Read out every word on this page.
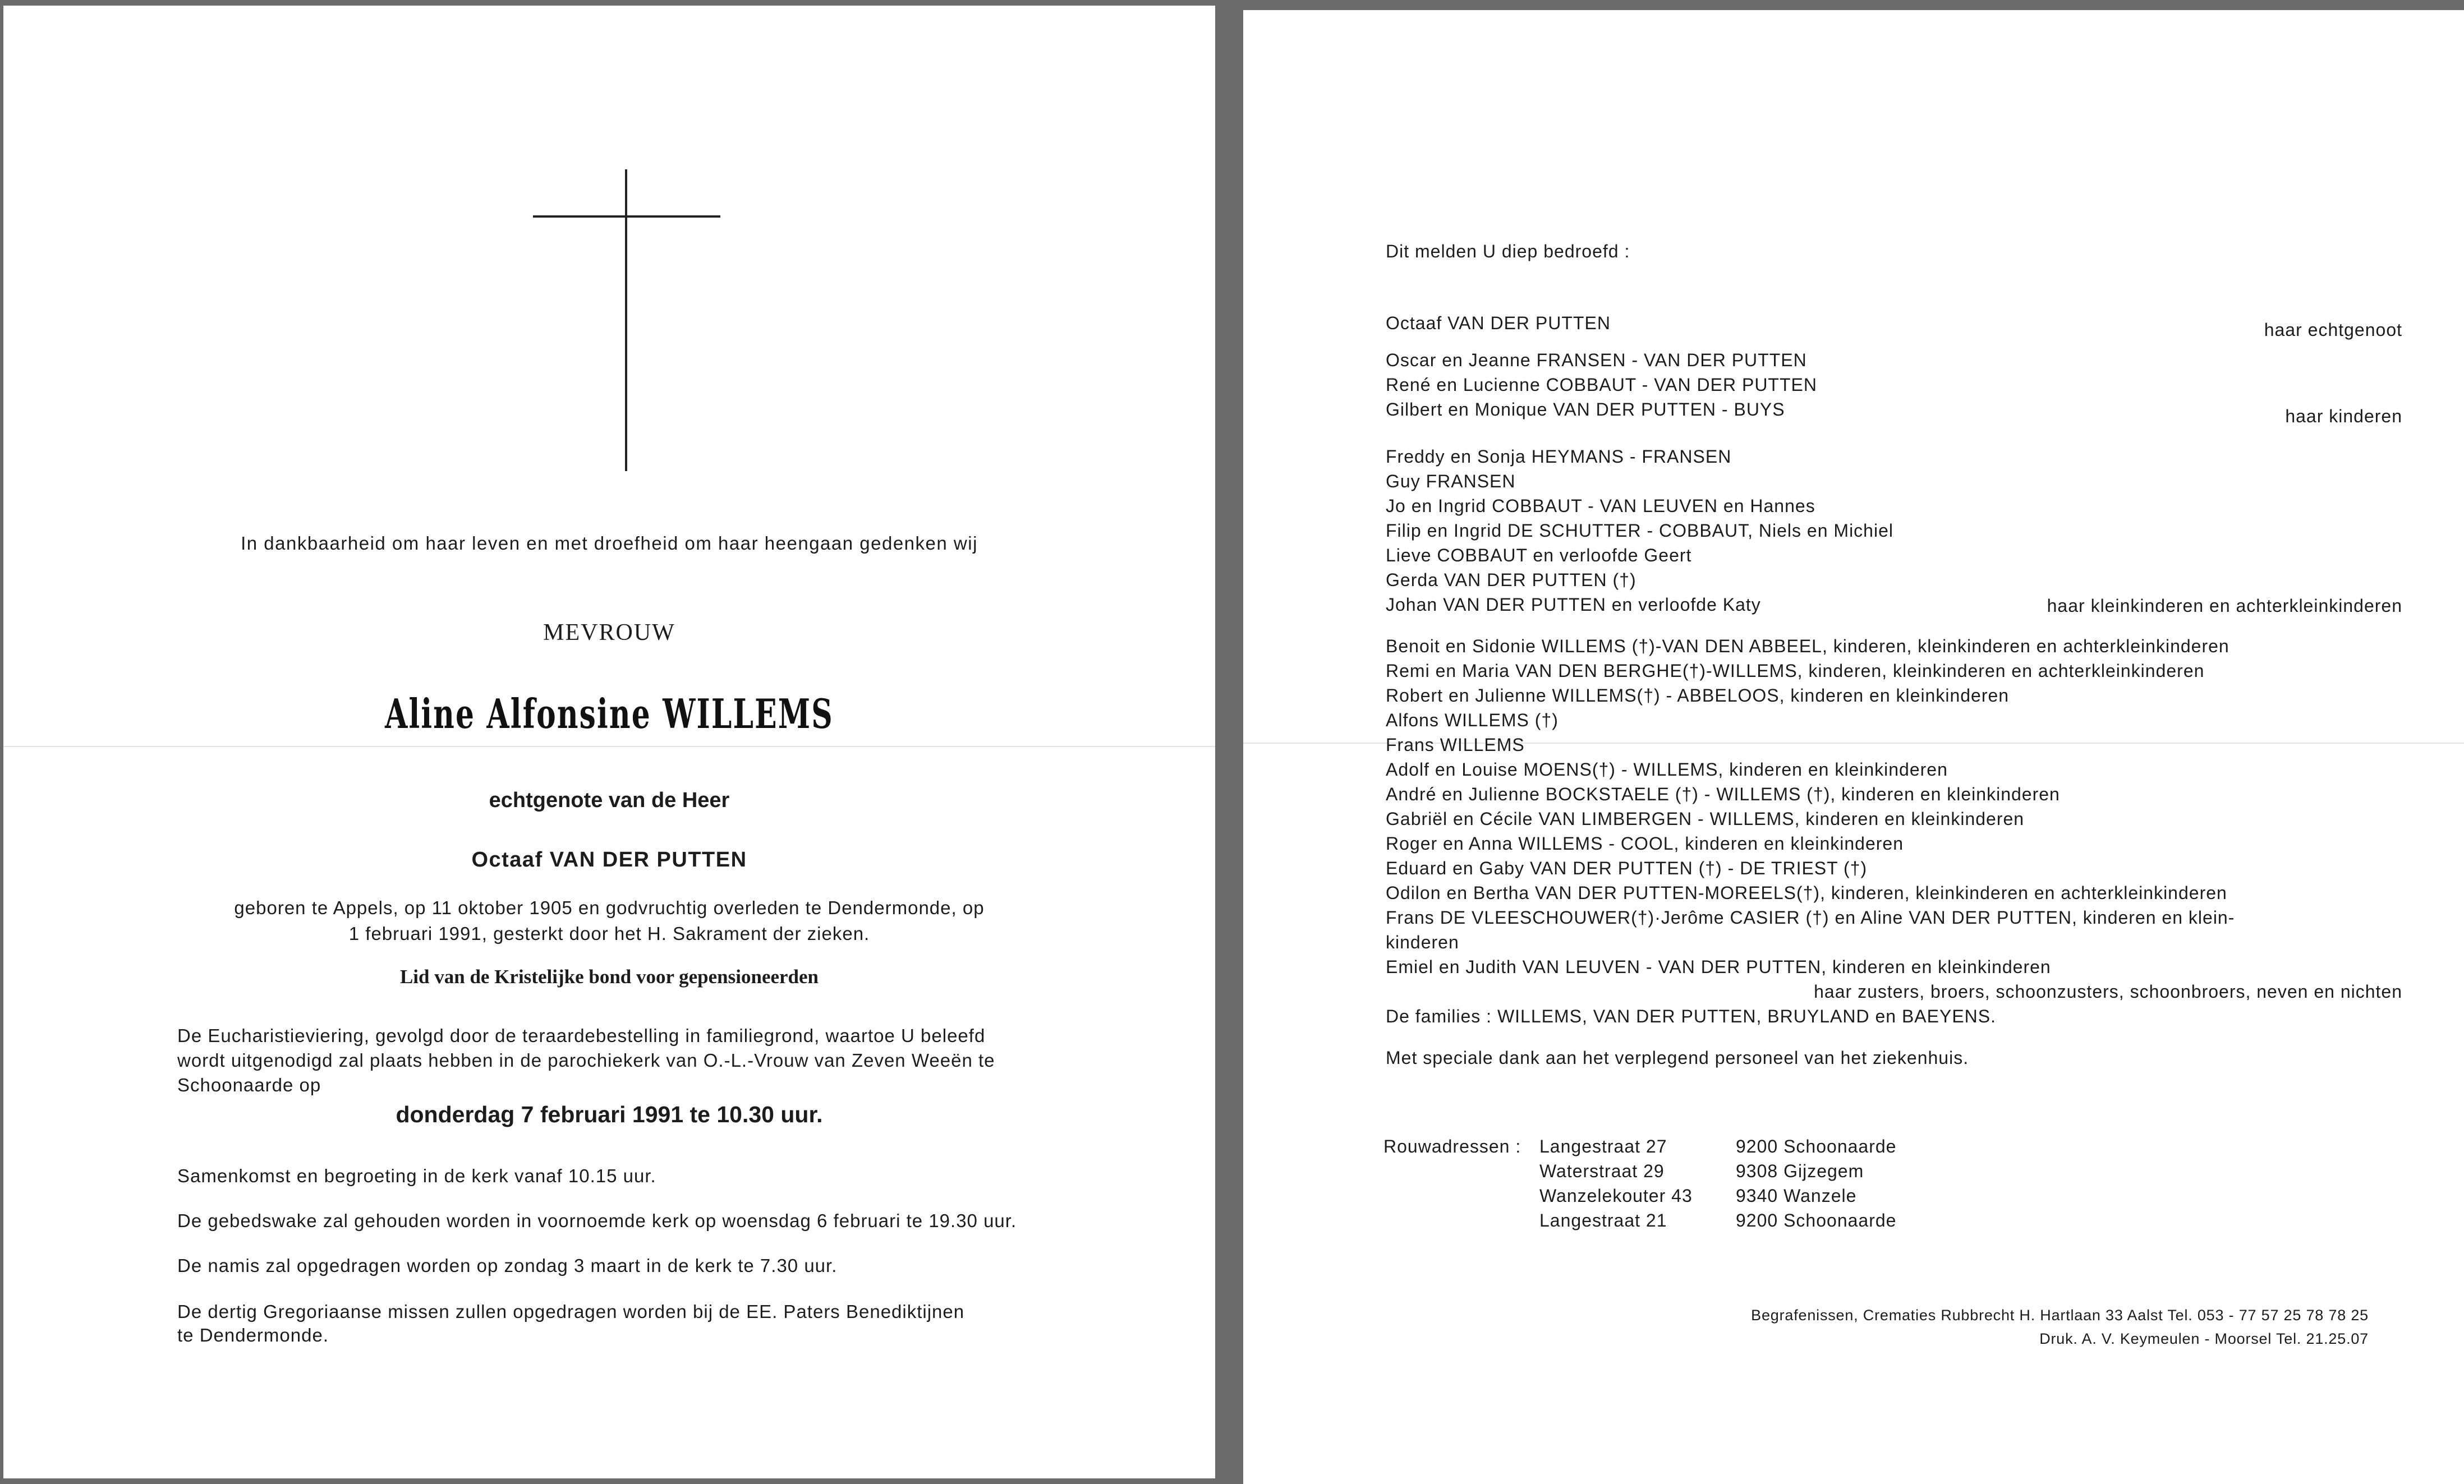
In dankbaarheid om haar leven en met droefheid om haar heengaan gedenken wij
MEVROUW
Aline Alfonsine WILLEMS
echtgenote van de Heer
Octaaf VAN DER PUTTEN
geboren te Appels, op 11 oktober 1905 en godvruchtig overleden te Dendermonde, op
1 februari 1991, gesterkt door het H. Sakrament der zieken.
Lid van de Kristelijke bond voor gepensioneerden
De Eucharistieviering, gevolgd door de teraardebestelling in familiegrond, waartoe U beleefd
wordt uitgenodigd zal plaats hebben in de parochiekerk van O.-L.-Vrouw van Zeven Weeën te
Schoonaarde op
donderdag 7 februari 1991 te 10.30 uur.
Samenkomst en begroeting in de kerk vanaf 10.15 uur.
De gebedswake zal gehouden worden in voornoemde kerk op woensdag 6 februari te 19.30 uur.
De namis zal opgedragen worden op zondag 3 maart in de kerk te 7.30 uur.
De dertig Gregoriaanse missen zullen opgedragen worden bij de EE. Paters Benediktijnen
te Dendermonde.
Dit melden U diep bedroefd :
Octaaf VAN DER PUTTEN	haar echtgenoot
Oscar en Jeanne FRANSEN - VAN DER PUTTEN
René en Lucienne COBBAUT - VAN DER PUTTEN
Gilbert en Monique VAN DER PUTTEN - BUYS	haar kinderen
Freddy en Sonja HEYMANS - FRANSEN
Guy FRANSEN
Jo en Ingrid COBBAUT - VAN LEUVEN en Hannes
Filip en Ingrid DE SCHUTTER - COBBAUT, Niels en Michiel
Lieve COBBAUT en verloofde Geert
Gerda VAN DER PUTTEN (†)
Johan VAN DER PUTTEN en verloofde Katy	haar kleinkinderen en achterkleinkinderen
Benoit en Sidonie WILLEMS (†)-VAN DEN ABBEEL, kinderen, kleinkinderen en achterkleinkinderen
Remi en Maria VAN DEN BERGHE(†)-WILLEMS, kinderen, kleinkinderen en achterkleinkinderen
Robert en Julienne WILLEMS(†) - ABBELOOS, kinderen en kleinkinderen
Alfons WILLEMS (†)
Frans WILLEMS
Adolf en Louise MOENS(†) - WILLEMS, kinderen en kleinkinderen
André en Julienne BOCKSTAELE (†) - WILLEMS (†), kinderen en kleinkinderen
Gabriël en Cécile VAN LIMBERGEN - WILLEMS, kinderen en kleinkinderen
Roger en Anna WILLEMS - COOL, kinderen en kleinkinderen
Eduard en Gaby VAN DER PUTTEN (†) - DE TRIEST (†)
Odilon en Bertha VAN DER PUTTEN-MOREELS(†), kinderen, kleinkinderen en achterkleinkinderen
Frans DE VLEESCHOUWER(†)·Jerôme CASIER (†) en Aline VAN DER PUTTEN, kinderen en klein-
kinderen
Emiel en Judith VAN LEUVEN - VAN DER PUTTEN, kinderen en kleinkinderen
haar zusters, broers, schoonzusters, schoonbroers, neven en nichten
De families : WILLEMS, VAN DER PUTTEN, BRUYLAND en BAEYENS.
Met speciale dank aan het verplegend personeel van het ziekenhuis.
Rouwadressen : Langestraat 27	9200 Schoonaarde
Waterstraat 29	9308 Gijzegem
Wanzelekouter 43 9340 Wanzele
Langestraat 21	9200 Schoonaarde
Begrafenissen, Crematies Rubbrecht H. Hartlaan 33 Aalst Tel. 053 - 77 57 25 78 78 25
Druk. A. V. Keymeulen - Moorsel Tel. 21.25.07
